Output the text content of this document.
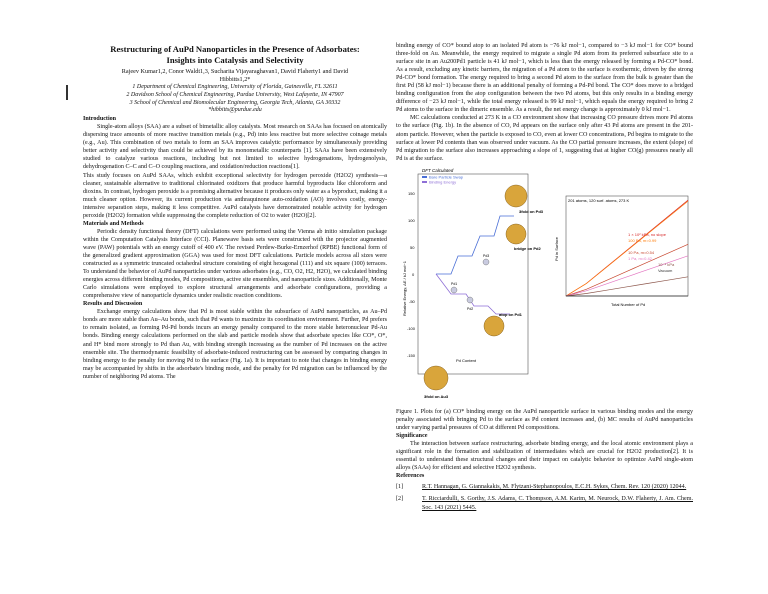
Restructuring of AuPd Nanoparticles in the Presence of Adsorbates:
Insights into Catalysis and Selectivity

Rajeev Kumar1,2, Conor Waldt1,3, Sucharita Vijayaraghavan1, David Flaherty1 and David
Hibbitts1,2*

1 Department of Chemical Engineering, University of Florida, Gainesville, FL 32611

2 Davidson School of Chemical Engineering, Purdue University, West Lafayette, IN 47907

3 School of Chemical and Biomolecular Engineering, Georgia Tech, Atlanta, GA 30332

*hibbitts@purdue.edu

Introduction

Single-atom alloys (SAA) are a subset of bimetallic alloy catalysts. Most research on SAAs has focused on atomically dispersing trace amounts of more reactive transition metals (e.g., Pd) into less reactive but more selective coinage metals (e.g., Au). This combination of two metals to form an SAA improves catalytic performance by simultaneously providing better activity and selectivity than could be achieved by its monometallic counterparts [1]. SAAs have been extensively studied to catalyze various reactions, including but not limited to selective hydrogenations, hydrogenolysis, dehydrogenation C–C and C–O coupling reactions, and oxidation/reduction reactions[1].

This study focuses on AuPd SAAs, which exhibit exceptional selectivity for hydrogen peroxide (H2O2) synthesis—a cleaner, sustainable alternative to traditional chlorinated oxidizers that produce harmful byproducts like chloroform and dioxins. In contrast, hydrogen peroxide is a promising alternative because it produces only water as a byproduct, making it a much cleaner option. However, its current production via anthraquinone auto-oxidation (AO) involves costly, energy-intensive separation steps, making it less competitive. AuPd catalysts have demonstrated notable activity for hydrogen peroxide (H2O2) formation while suppressing the complete reduction of O2 to water (H2O)[2].

Materials and Methods

Periodic density functional theory (DFT) calculations were performed using the Vienna ab initio simulation package within the Computation Catalysis Interface (CCI). Planewave basis sets were constructed with the projector augmented wave (PAW) potentials with an energy cutoff of 400 eV. The revised Perdew-Burke-Ernzerhof (RPBE) functional form of the generalized gradient approximation (GGA) was used for most DFT calculations. Particle models across all sizes were constructed as a symmetric truncated octahedral structure consisting of eight hexagonal (111) and six square (100) terraces. To understand the behavior of AuPd nanoparticles under various adsorbates (e.g., CO, O2, H2, H2O), we calculated binding energies across different binding modes, Pd compositions, active site ensembles, and nanoparticle sizes. Additionally, Monte Carlo simulations were employed to explore structural arrangements and adsorbate configurations, providing a comprehensive view of nanoparticle dynamics under realistic reaction conditions.

Results and Discussion

Exchange energy calculations show that Pd is most stable within the subsurface of AuPd nanoparticles, as Au–Pd bonds are more stable than Au–Au bonds, such that Pd wants to maximize its coordination environment. Further, Pd prefers to remain isolated, as forming Pd-Pd bonds incurs an energy penalty compared to the more stable heteronuclear Pd-Au bonds. Binding energy calculations performed on the slab and particle models show that adsorbate species like CO*, O*, and H* bind more strongly to Pd than Au, with binding strength increasing as the number of Pd increases on the active ensemble site. The thermodynamic feasibility of adsorbate-induced restructuring can be assessed by comparing changes in binding energy to the penalty for moving Pd to the surface (Fig. 1a). It is important to note that changes in binding energy may be accompanied by shifts in the adsorbate's binding mode, and the penalty for Pd migration can be influenced by the number of neighboring Pd atoms. The

binding energy of CO* bound atop to an isolated Pd atom is −76 kJ mol−1, compared to −3 kJ mol−1 for CO* bound three-fold on Au. Meanwhile, the energy required to migrate a single Pd atom from its preferred subsurface site to a surface site in an Au200Pd1 particle is 41 kJ mol−1, which is less than the energy released by forming a Pd-CO* bond. As a result, excluding any kinetic barriers, the migration of a Pd atom to the surface is exothermic, driven by the strong Pd-CO* bond formation. The energy required to bring a second Pd atom to the surface from the bulk is greater than the first Pd (58 kJ mol−1) because there is an additional penalty of forming a Pd-Pd bond. The CO* does move to a bridged binding configuration from the atop configuration between the two Pd atoms, but this only results in a binding energy difference of −23 kJ mol−1, while the total energy released is 99 kJ mol−1, which equals the energy required to bring 2 Pd atoms to the surface in the dimeric ensemble. As a result, the net energy change is approximately 0 kJ mol−1.

MC calculations conducted at 273 K in a CO environment show that increasing CO pressure drives more Pd atoms to the surface (Fig. 1b). In the absence of CO, Pd appears on the surface only after 43 Pd atoms are present in the 201-atom particle. However, when the particle is exposed to CO, even at lower CO concentrations, Pd begins to migrate to the surface at lower Pd contents than was observed under vacuum. As the CO partial pressure increases, the extent (slope) of Pd migration to the surface also increases approaching a slope of 1, suggesting that at higher CO(g) pressures nearly all Pd is at the surface.

DFT Calculated
Bare Particle Swap
Binding Energy
Relative Energy, ΔE / kJ mol−1
150
100
50
0
-50
-100
-150
Pd1
Pd2
Pd3
3fold on Pd3
bridge on Pd2
atop on Pd1
Pd Content
3fold on Au3
201 atoms, 120 surf. atoms, 273 K
Pd in Surface
Total Number of Pd
1 × 10² kPa, no slope
100 Pa, m=0.99
10 Pa, m=0.54
1 Pa, m=0.42
10⁻⁴ kPa
Vacuum

Figure 1. Plots for (a) CO* binding energy on the AuPd nanoparticle surface in various binding modes and the energy penalty associated with bringing Pd to the surface as Pd content increases and, (b) MC results of AuPd nanoparticles under varying partial pressures of CO at different Pd compositions.

Significance

The interaction between surface restructuring, adsorbate binding energy, and the local atomic environment plays a significant role in the formation and stabilization of intermediates which are crucial for H2O2 production[2]. It is essential to understand these structural changes and their impact on catalytic behavior to optimize AuPd single-atom alloys (SAAs) for efficient and selective H2O2 synthesis.

References

[1]	R.T. Hannagan, G. Giannakakis, M. Flytzani-Stephanopoulos, E.C.H. Sykes, Chem. Rev. 120 (2020) 12044.
[2]	T. Ricciardulli, S. Gorthy, J.S. Adams, C. Thompson, A.M. Karim, M. Neurock, D.W. Flaherty, J. Am. Chem. Soc. 143 (2021) 5445.
